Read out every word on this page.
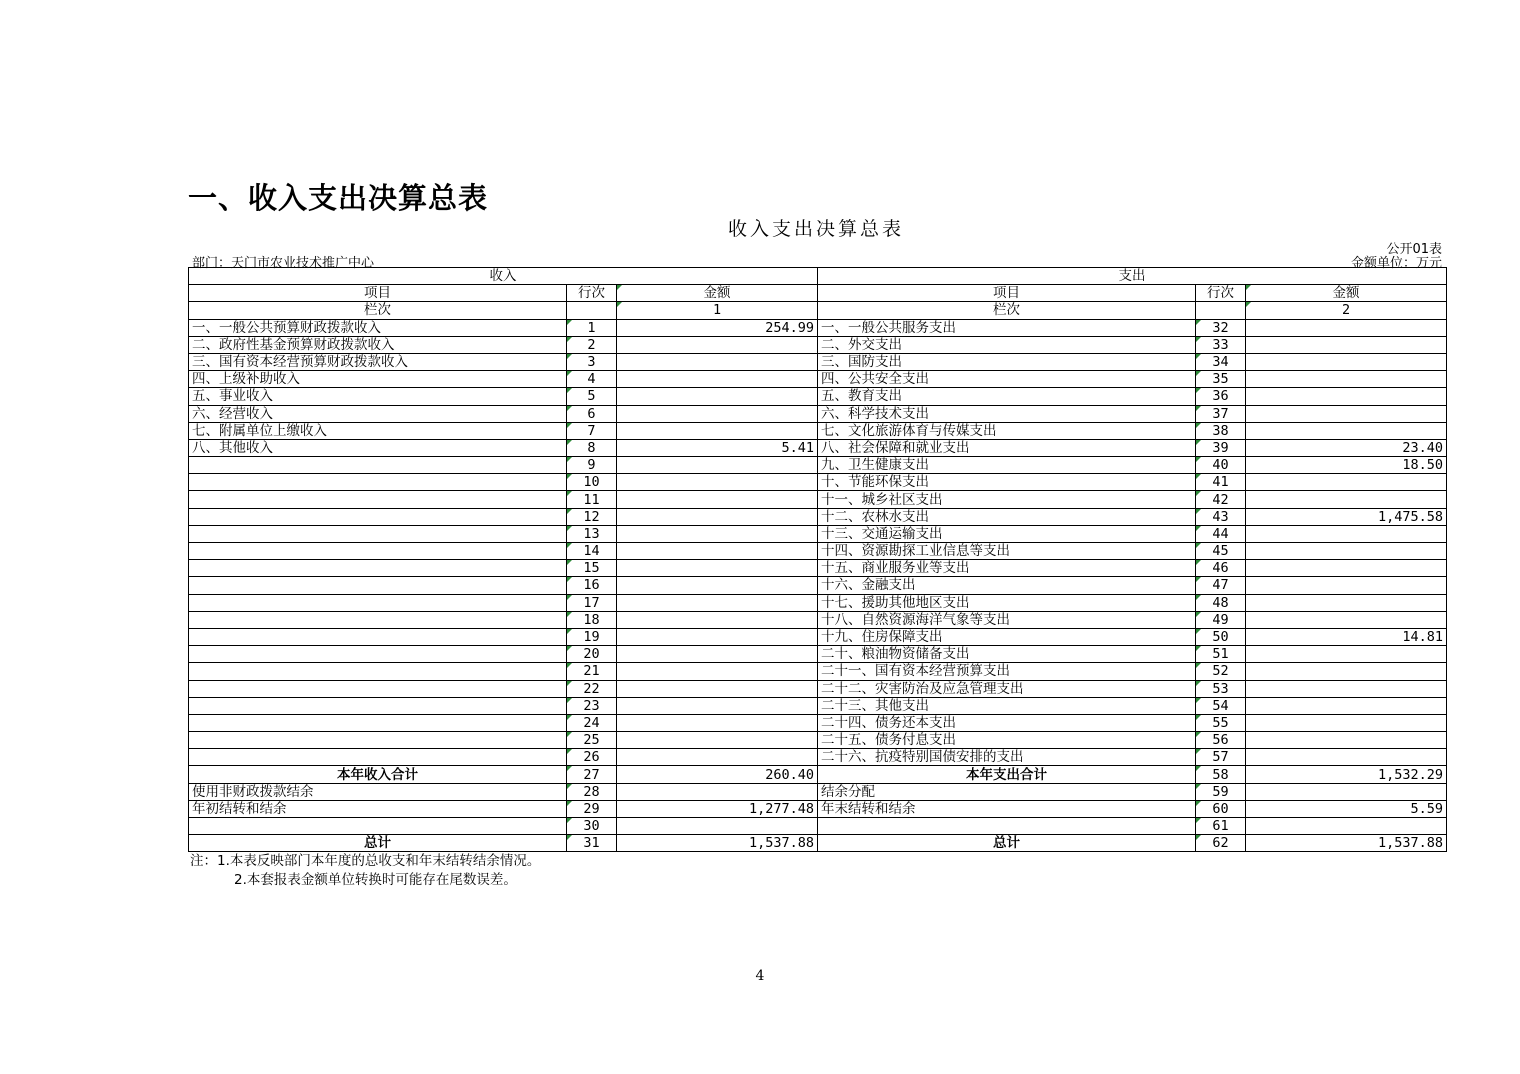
一、收入支出决算总表
收入支出决算总表
公开01表
部门：天门市农业技术推广中心	金额单位：万元
收入			支出		
项目	行次	金额	项目	行次	金额
栏次		1	栏次		2
一、一般公共预算财政拨款收入	1	254.99	一、一般公共服务支出	32	
二、政府性基金预算财政拨款收入	2		二、外交支出	33	
三、国有资本经营预算财政拨款收入	3		三、国防支出	34	
四、上级补助收入	4		四、公共安全支出	35	
五、事业收入	5		五、教育支出	36	
六、经营收入	6		六、科学技术支出	37	
七、附属单位上缴收入	7		七、文化旅游体育与传媒支出	38	
八、其他收入	8	5.41	八、社会保障和就业支出	39	23.40
	9		九、卫生健康支出	40	18.50
	10		十、节能环保支出	41	
	11		十一、城乡社区支出	42	
	12		十二、农林水支出	43	1,475.58
	13		十三、交通运输支出	44	
	14		十四、资源勘探工业信息等支出	45	
	15		十五、商业服务业等支出	46	
	16		十六、金融支出	47	
	17		十七、援助其他地区支出	48	
	18		十八、自然资源海洋气象等支出	49	
	19		十九、住房保障支出	50	14.81
	20		二十、粮油物资储备支出	51	
	21		二十一、国有资本经营预算支出	52	
	22		二十二、灾害防治及应急管理支出	53	
	23		二十三、其他支出	54	
	24		二十四、债务还本支出	55	
	25		二十五、债务付息支出	56	
	26		二十六、抗疫特别国债安排的支出	57	
本年收入合计	27	260.40	本年支出合计	58	1,532.29
使用非财政拨款结余	28		结余分配	59	
年初结转和结余	29	1,277.48	年末结转和结余	60	5.59
	30			61	
总计	31	1,537.88	总计	62	1,537.88
注：1.本表反映部门本年度的总收支和年末结转结余情况。
2.本套报表金额单位转换时可能存在尾数误差。
4
